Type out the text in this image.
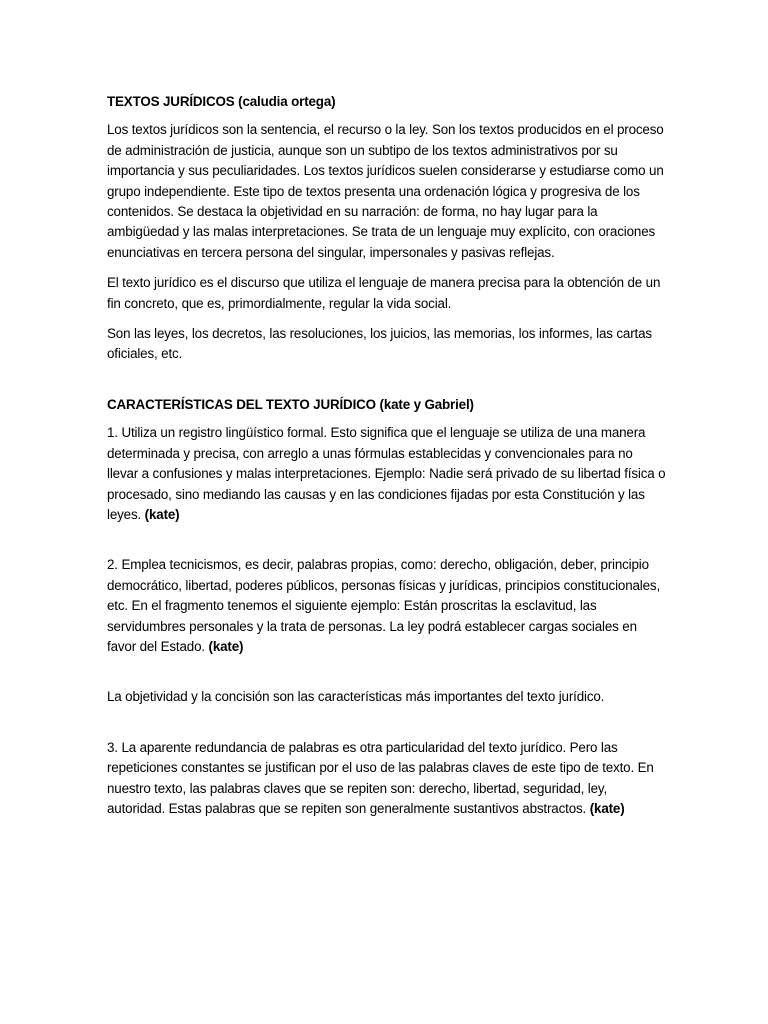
TEXTOS JURÍDICOS (caludia ortega)

Los textos jurídicos son la sentencia, el recurso o la ley. Son los textos producidos en el proceso de administración de justicia, aunque son un subtipo de los textos administrativos por su importancia y sus peculiaridades. Los textos jurídicos suelen considerarse y estudiarse como un grupo independiente. Este tipo de textos presenta una ordenación lógica y progresiva de los contenidos. Se destaca la objetividad en su narración: de forma, no hay lugar para la ambigüedad y las malas interpretaciones. Se trata de un lenguaje muy explícito, con oraciones enunciativas en tercera persona del singular, impersonales y pasivas reflejas.

El texto jurídico es el discurso que utiliza el lenguaje de manera precisa para la obtención de un fin concreto, que es, primordialmente, regular la vida social.

Son las leyes, los decretos, las resoluciones, los juicios, las memorias, los informes, las cartas oficiales, etc.

CARACTERÍSTICAS DEL TEXTO JURÍDICO (kate y Gabriel)

1. Utiliza un registro lingüístico formal. Esto significa que el lenguaje se utiliza de una manera determinada y precisa, con arreglo a unas fórmulas establecidas y convencionales para no llevar a confusiones y malas interpretaciones. Ejemplo: Nadie será privado de su libertad física o procesado, sino mediando las causas y en las condiciones fijadas por esta Constitución y las leyes. (kate)

2. Emplea tecnicismos, es decir, palabras propias, como: derecho, obligación, deber, principio democrático, libertad, poderes públicos, personas físicas y jurídicas, principios constitucionales, etc. En el fragmento tenemos el siguiente ejemplo: Están proscritas la esclavitud, las servidumbres personales y la trata de personas. La ley podrá establecer cargas sociales en favor del Estado. (kate)

La objetividad y la concisión son las características más importantes del texto jurídico.

3. La aparente redundancia de palabras es otra particularidad del texto jurídico. Pero las repeticiones constantes se justifican por el uso de las palabras claves de este tipo de texto. En nuestro texto, las palabras claves que se repiten son: derecho, libertad, seguridad, ley, autoridad. Estas palabras que se repiten son generalmente sustantivos abstractos. (kate)
